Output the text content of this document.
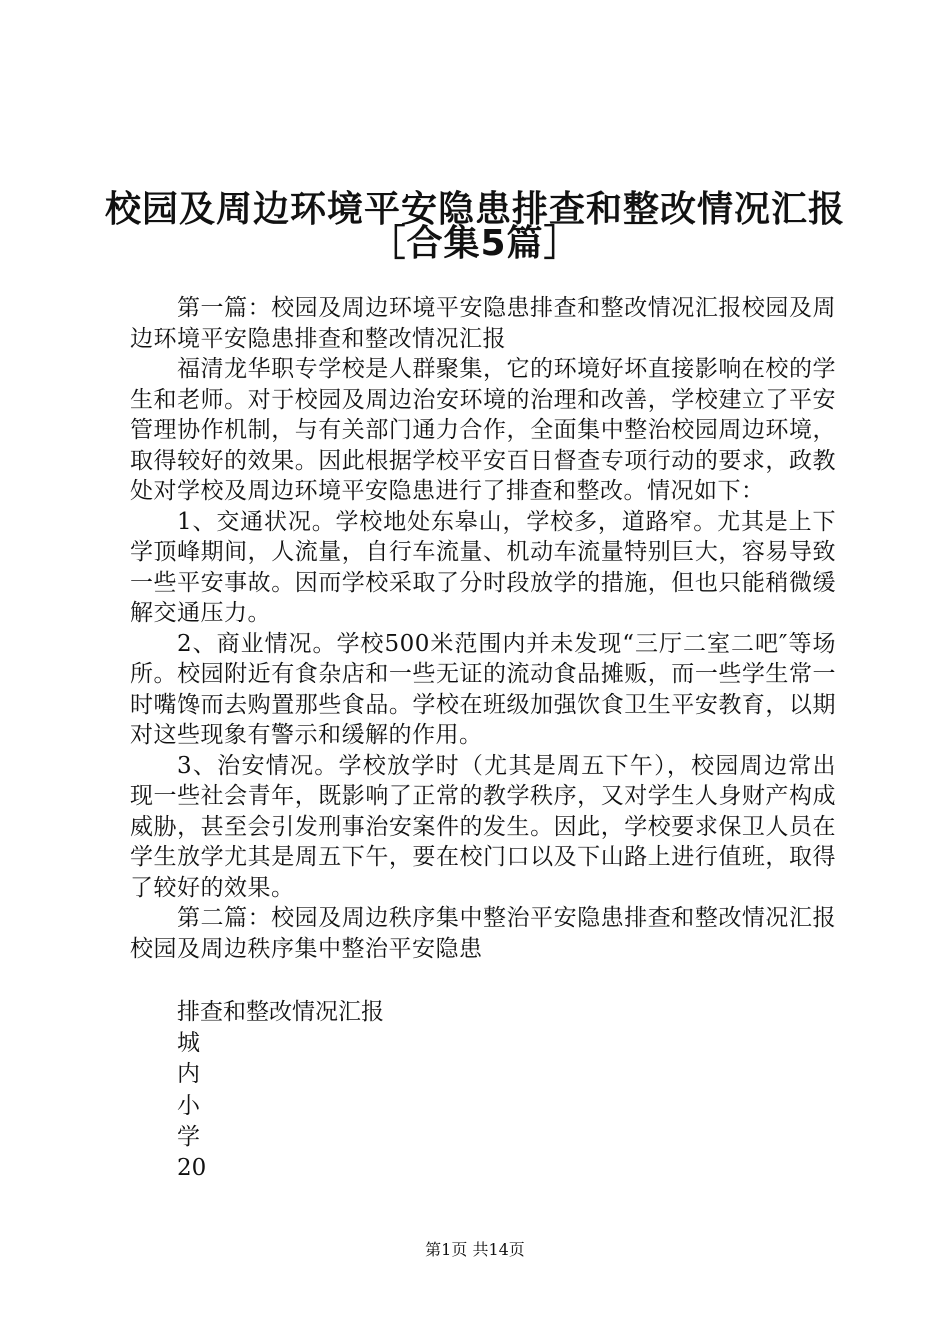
校园及周边环境平安隐患排查和整改情况汇报
［合集5篇］

第一篇：校园及周边环境平安隐患排查和整改情况汇报校园及周边环境平安隐患排查和整改情况汇报

福清龙华职专学校是人群聚集，它的环境好坏直接影响在校的学生和老师。对于校园及周边治安环境的治理和改善，学校建立了平安管理协作机制，与有关部门通力合作，全面集中整治校园周边环境，取得较好的效果。因此根据学校平安百日督查专项行动的要求，政教处对学校及周边环境平安隐患进行了排查和整改。情况如下：

1、交通状况。学校地处东皋山，学校多，道路窄。尤其是上下学顶峰期间，人流量，自行车流量、机动车流量特别巨大，容易导致一些平安事故。因而学校采取了分时段放学的措施，但也只能稍微缓解交通压力。

2、商业情况。学校500米范围内并未发现“三厅二室二吧″等场所。校园附近有食杂店和一些无证的流动食品摊贩，而一些学生常一时嘴馋而去购置那些食品。学校在班级加强饮食卫生平安教育，以期对这些现象有警示和缓解的作用。

3、治安情况。学校放学时（尤其是周五下午），校园周边常出现一些社会青年，既影响了正常的教学秩序，又对学生人身财产构成威胁，甚至会引发刑事治安案件的发生。因此，学校要求保卫人员在学生放学尤其是周五下午，要在校门口以及下山路上进行值班，取得了较好的效果。

第二篇：校园及周边秩序集中整治平安隐患排查和整改情况汇报校园及周边秩序集中整治平安隐患

排查和整改情况汇报
城
内
小
学
20
第1页 共14页
